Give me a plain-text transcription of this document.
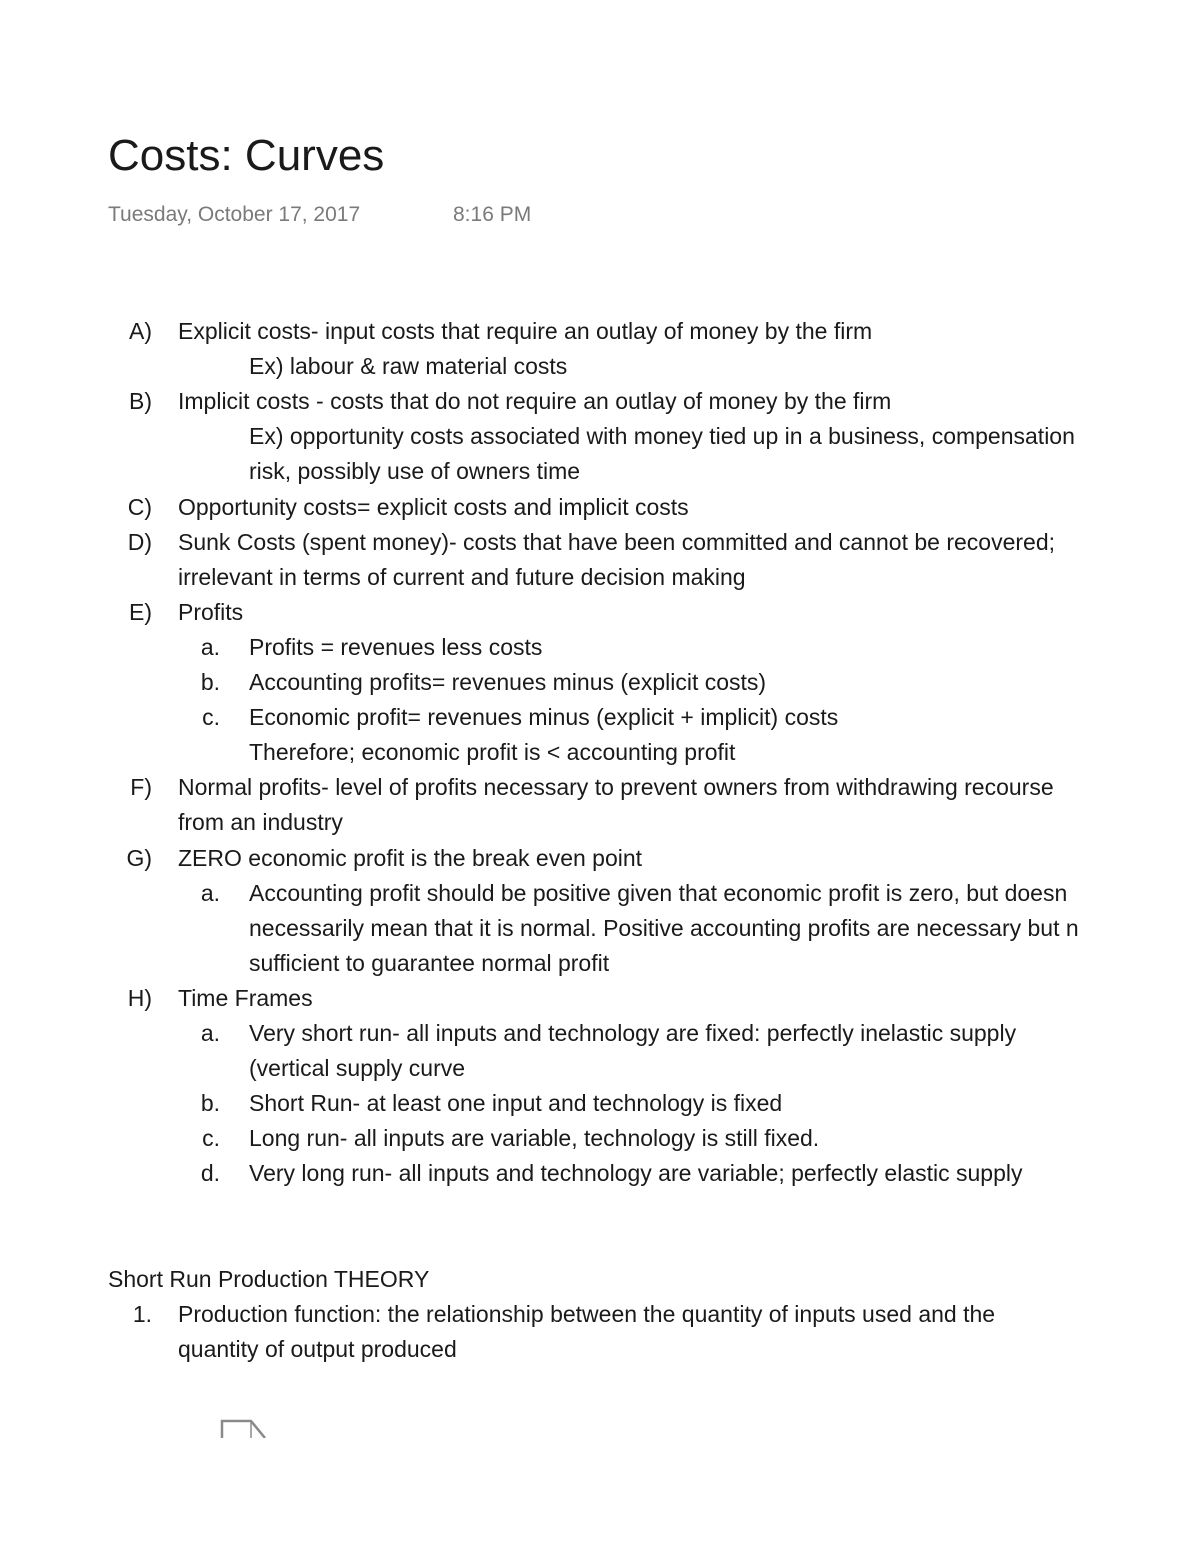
Costs: Curves
Tuesday, October 17, 2017	8:16 PM
A) Explicit costs- input costs that require an outlay of money by the firm
Ex) labour & raw material costs
B) Implicit costs - costs that do not require an outlay of money by the firm
Ex) opportunity costs associated with money tied up in a business, compensation
risk, possibly use of owners time
C) Opportunity costs= explicit costs and implicit costs
D) Sunk Costs (spent money)- costs that have been committed and cannot be recovered;
irrelevant in terms of current and future decision making
E) Profits
a. Profits = revenues less costs
b. Accounting profits= revenues minus (explicit costs)
c. Economic profit= revenues minus (explicit + implicit) costs
Therefore; economic profit is < accounting profit
F) Normal profits- level of profits necessary to prevent owners from withdrawing recourse
from an industry
G) ZERO economic profit is the break even point
a. Accounting profit should be positive given that economic profit is zero, but doesn
necessarily mean that it is normal. Positive accounting profits are necessary but n
sufficient to guarantee normal profit
H) Time Frames
a. Very short run- all inputs and technology are fixed: perfectly inelastic supply
(vertical supply curve
b. Short Run- at least one input and technology is fixed
c. Long run- all inputs are variable, technology is still fixed.
d. Very long run- all inputs and technology are variable; perfectly elastic supply
Short Run Production THEORY
1. Production function: the relationship between the quantity of inputs used and the
quantity of output produced
